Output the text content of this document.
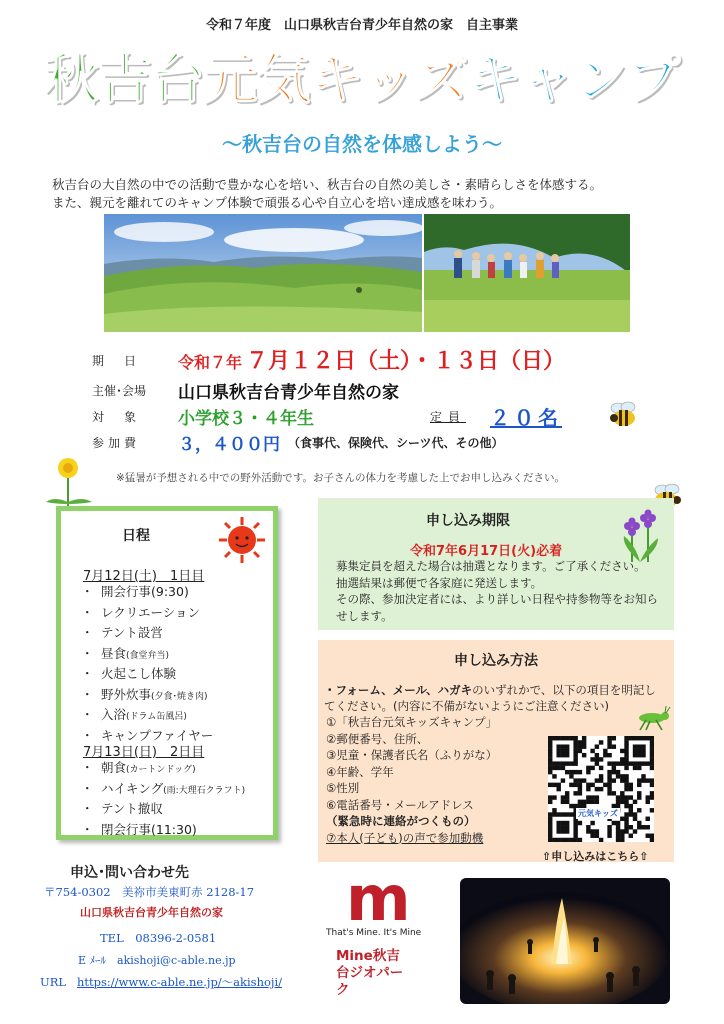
令和７年度　山口県秋吉台青少年自然の家　自主事業
秋吉台元気キッズキャンプ
～秋吉台の自然を体感しよう～
秋吉台の大自然の中での活動で豊かな心を培い、秋吉台の自然の美しさ・素晴らしさを体感する。
また、親元を離れてのキャンプ体験で頑張る心や自立心を培い達成感を味わう。
期　日	令和７年 ７月１２日（土）・１３日（日）
主催･会場	山口県秋吉台青少年自然の家
対　象	小学校３・４年生	定員 ２０名
参加費	３，４００円 （食事代、保険代、シーツ代、その他）
※猛暑が予想される中での野外活動です。お子さんの体力を考慮した上でお申し込みください。
日程
7月12日(土)　1日目
・ 開会行事(9:30)
・ レクリエーション
・ テント設営
・ 昼食(食堂弁当)
・ 火起こし体験
・ 野外炊事(夕食･焼き肉)
・ 入浴(ドラム缶風呂)
・ キャンプファイヤー
7月13日(日)　2日目
・ 朝食(カートンドッグ)
・ ハイキング(雨:大理石クラフト)
・ テント撤収
・ 閉会行事(11:30)
申し込み期限
令和7年6月17日(火)必着
募集定員を超えた場合は抽選となります。ご了承ください。
抽選結果は郵便で各家庭に発送します。
その際、参加決定者には、より詳しい日程や持参物等をお知らせします。
申し込み方法
・フォーム、メール、ハガキのいずれかで、以下の項目を明記してください。(内容に不備がないようにご注意ください)
①「秋吉台元気キッズキャンプ」
②郵便番号、住所、
③児童・保護者氏名（ふりがな）
④年齢、学年
⑤性別
⑥電話番号・メールアドレス
（緊急時に連絡がつくもの）
⑦本人(子ども)の声で参加動機
元気キッズ
⇧申し込みはこちら⇧
申込･問い合わせ先
〒754-0302　美祢市美東町赤 2128-17
山口県秋吉台青少年自然の家
TEL　08396-2-0581
E ﾒｰﾙ　akishoji@c-able.ne.jp
URL https://www.c-able.ne.jp/～akishoji/
m
That's Mine. It's Mine
Mine秋吉台ジオパーク
